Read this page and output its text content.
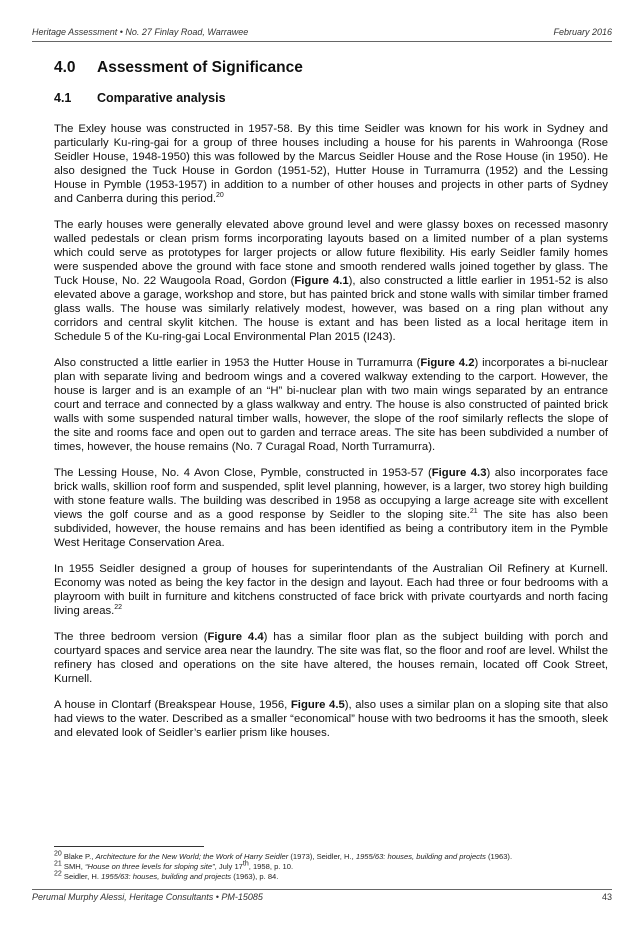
Heritage Assessment • No. 27 Finlay Road, Warrawee	February 2016
4.0 Assessment of Significance
4.1 Comparative analysis

The Exley house was constructed in 1957-58. By this time Seidler was known for his work in Sydney and particularly Ku-ring-gai for a group of three houses including a house for his parents in Wahroonga (Rose Seidler House, 1948-1950) this was followed by the Marcus Seidler House and the Rose House (in 1950). He also designed the Tuck House in Gordon (1951-52), Hutter House in Turramurra (1952) and the Lessing House in Pymble (1953-1957) in addition to a number of other houses and projects in other parts of Sydney and Canberra during this period.$^{20}$

The early houses were generally elevated above ground level and were glassy boxes on recessed masonry walled pedestals or clean prism forms incorporating layouts based on a limited number of a plan systems which could serve as prototypes for larger projects or allow future flexibility. His early Seidler family homes were suspended above the ground with face stone and smooth rendered walls joined together by glass. The Tuck House, No. 22 Waugoola Road, Gordon (Figure 4.1), also constructed a little earlier in 1951-52 is also elevated above a garage, workshop and store, but has painted brick and stone walls with similar timber framed glass walls. The house was similarly relatively modest, however, was based on a ring plan without any corridors and central skylit kitchen. The house is extant and has been listed as a local heritage item in Schedule 5 of the Ku-ring-gai Local Environmental Plan 2015 (I243).

Also constructed a little earlier in 1953 the Hutter House in Turramurra (Figure 4.2) incorporates a bi-nuclear plan with separate living and bedroom wings and a covered walkway extending to the carport. However, the house is larger and is an example of an “H” bi-nuclear plan with two main wings separated by an entrance court and terrace and connected by a glass walkway and entry. The house is also constructed of painted brick walls with some suspended natural timber walls, however, the slope of the roof similarly reflects the slope of the site and rooms face and open out to garden and terrace areas. The site has been subdivided a number of times, however, the house remains (No. 7 Curagal Road, North Turramurra).

The Lessing House, No. 4 Avon Close, Pymble, constructed in 1953-57 (Figure 4.3) also incorporates face brick walls, skillion roof form and suspended, split level planning, however, is a larger, two storey high building with stone feature walls. The building was described in 1958 as occupying a large acreage site with excellent views the golf course and as a good response by Seidler to the sloping site.$^{21}$ The site has also been subdivided, however, the house remains and has been identified as being a contributory item in the Pymble West Heritage Conservation Area.

In 1955 Seidler designed a group of houses for superintendants of the Australian Oil Refinery at Kurnell. Economy was noted as being the key factor in the design and layout. Each had three or four bedrooms with a playroom with built in furniture and kitchens constructed of face brick with private courtyards and north facing living areas.$^{22}$

The three bedroom version (Figure 4.4) has a similar floor plan as the subject building with porch and courtyard spaces and service area near the laundry. The site was flat, so the floor and roof are level. Whilst the refinery has closed and operations on the site have altered, the houses remain, located off Cook Street, Kurnell.

A house in Clontarf (Breakspear House, 1956, Figure 4.5), also uses a similar plan on a sloping site that also had views to the water. Described as a smaller “economical” house with two bedrooms it has the smooth, sleek and elevated look of Seidler’s earlier prism like houses.

$^{20}$ Blake P., Architecture for the New World; the Work of Harry Seidler (1973), Seidler, H., 1955/63: houses, building and projects (1963).
$^{21}$ SMH, “House on three levels for sloping site”, July 17th, 1958, p. 10.
$^{22}$ Seidler, H. 1955/63: houses, building and projects (1963), p. 84.
Perumal Murphy Alessi, Heritage Consultants • PM-15085	43
